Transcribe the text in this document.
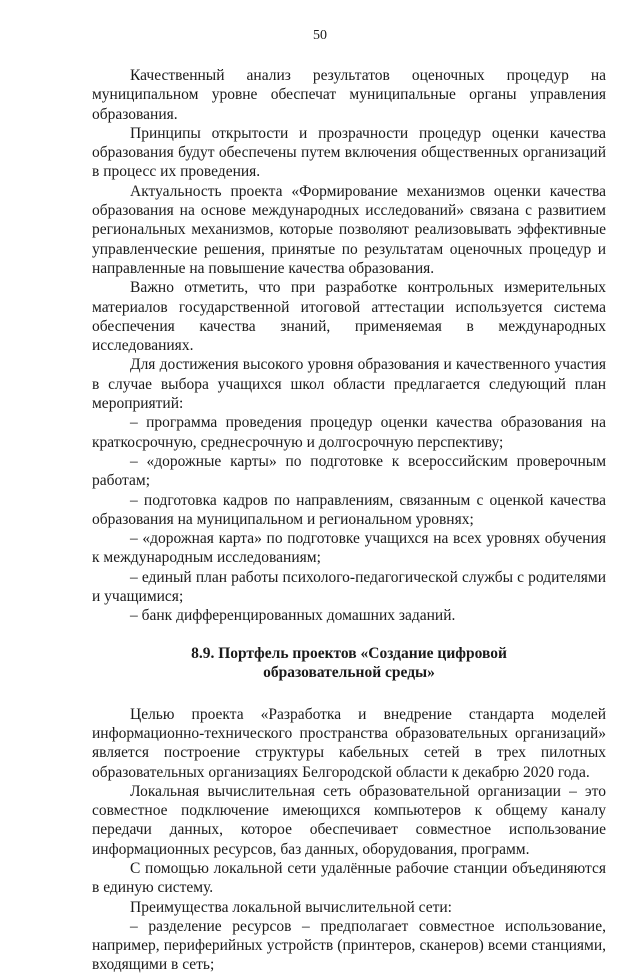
50

Качественный анализ результатов оценочных процедур на муниципальном уровне обеспечат муниципальные органы управления образования.

Принципы открытости и прозрачности процедур оценки качества образования будут обеспечены путем включения общественных организаций в процесс их проведения.

Актуальность проекта «Формирование механизмов оценки качества образования на основе международных исследований» связана с развитием региональных механизмов, которые позволяют реализовывать эффективные управленческие решения, принятые по результатам оценочных процедур и направленные на повышение качества образования.

Важно отметить, что при разработке контрольных измерительных материалов государственной итоговой аттестации используется система обеспечения качества знаний, применяемая в международных исследованиях.

Для достижения высокого уровня образования и качественного участия в случае выбора учащихся школ области предлагается следующий план мероприятий:

– программа проведения процедур оценки качества образования на краткосрочную, среднесрочную и долгосрочную перспективу;

– «дорожные карты» по подготовке к всероссийским проверочным работам;

– подготовка кадров по направлениям, связанным с оценкой качества образования на муниципальном и региональном уровнях;

– «дорожная карта» по подготовке учащихся на всех уровнях обучения к международным исследованиям;

– единый план работы психолого-педагогической службы с родителями и учащимися;

– банк дифференцированных домашних заданий.

8.9. Портфель проектов «Создание цифровой
образовательной среды»

Целью проекта «Разработка и внедрение стандарта моделей информационно-технического пространства образовательных организаций» является построение структуры кабельных сетей в трех пилотных образовательных организациях Белгородской области к декабрю 2020 года.

Локальная вычислительная сеть образовательной организации – это совместное подключение имеющихся компьютеров к общему каналу передачи данных, которое обеспечивает совместное использование информационных ресурсов, баз данных, оборудования, программ.

С помощью локальной сети удалённые рабочие станции объединяются в единую систему.

Преимущества локальной вычислительной сети:

– разделение ресурсов – предполагает совместное использование, например, периферийных устройств (принтеров, сканеров) всеми станциями, входящими в сеть;
